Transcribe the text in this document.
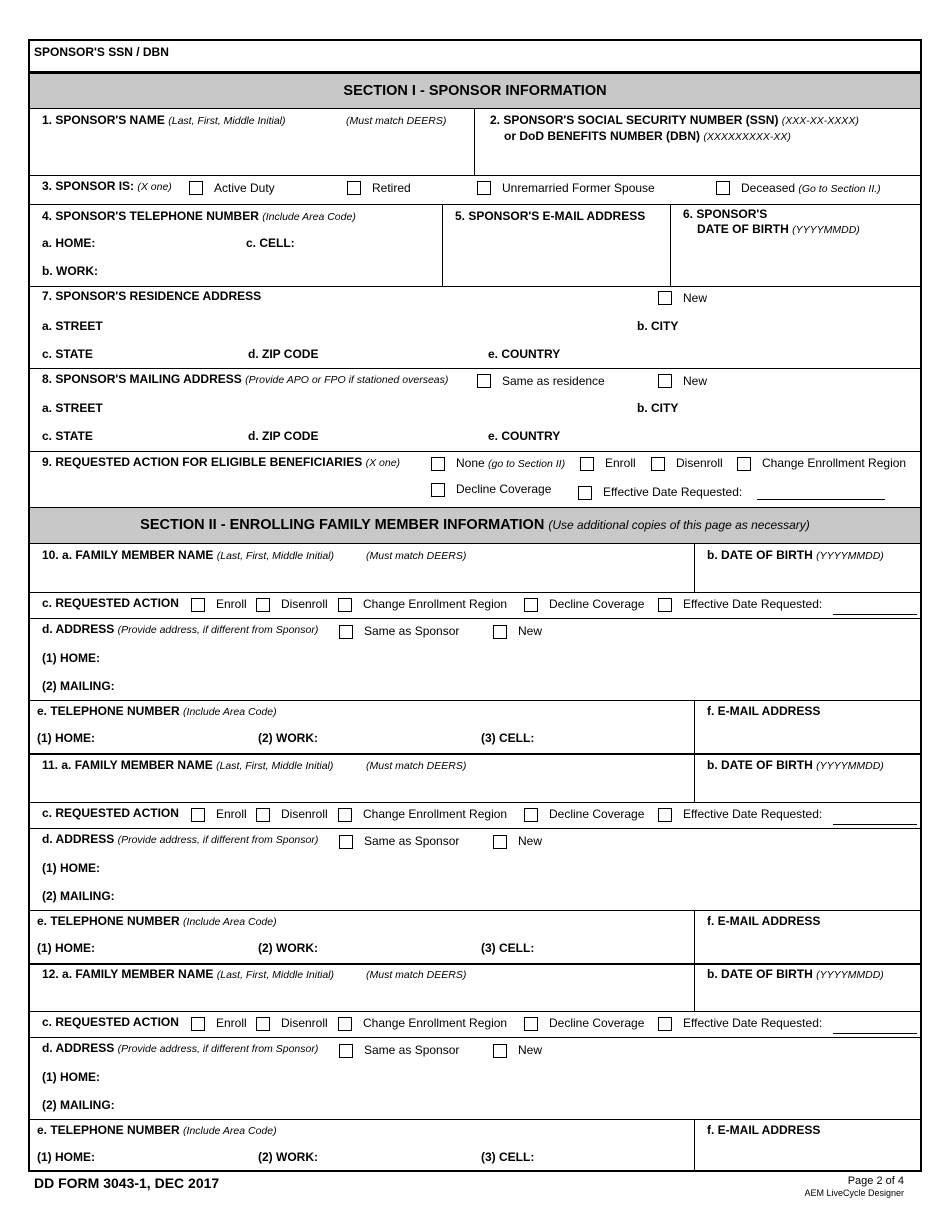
SPONSOR'S SSN / DBN
SECTION I - SPONSOR INFORMATION
1. SPONSOR'S NAME (Last, First, Middle Initial)	(Must match DEERS)	2. SPONSOR'S SOCIAL SECURITY NUMBER (SSN) (XXX-XX-XXXX)
or DoD BENEFITS NUMBER (DBN) (XXXXXXXXX-XX)
3. SPONSOR IS: (X one)	Active Duty	Retired	Unremarried Former Spouse	Deceased (Go to Section II.)
4. SPONSOR'S TELEPHONE NUMBER (Include Area Code)
a. HOME:	c. CELL:
b. WORK:
5. SPONSOR'S E-MAIL ADDRESS	6. SPONSOR'S
DATE OF BIRTH (YYYYMMDD)
7. SPONSOR'S RESIDENCE ADDRESS	New
a. STREET	b. CITY
c. STATE	d. ZIP CODE	e. COUNTRY
8. SPONSOR'S MAILING ADDRESS (Provide APO or FPO if stationed overseas)	Same as residence	New
a. STREET	b. CITY
c. STATE	d. ZIP CODE	e. COUNTRY
9. REQUESTED ACTION FOR ELIGIBLE BENEFICIARIES (X one)	None (go to Section II)	Enroll	Disenroll	Change Enrollment Region
Decline Coverage	Effective Date Requested:
SECTION II - ENROLLING FAMILY MEMBER INFORMATION (Use additional copies of this page as necessary)
10. a. FAMILY MEMBER NAME (Last, First, Middle Initial)	(Must match DEERS)	b. DATE OF BIRTH (YYYYMMDD)
c. REQUESTED ACTION	Enroll	Disenroll	Change Enrollment Region	Decline Coverage	Effective Date Requested:
d. ADDRESS (Provide address, if different from Sponsor)	Same as Sponsor	New
(1) HOME:
(2) MAILING:
e. TELEPHONE NUMBER (Include Area Code)	f. E-MAIL ADDRESS
(1) HOME:	(2) WORK:	(3) CELL:
11. a. FAMILY MEMBER NAME (Last, First, Middle Initial)	(Must match DEERS)	b. DATE OF BIRTH (YYYYMMDD)
c. REQUESTED ACTION	Enroll	Disenroll	Change Enrollment Region	Decline Coverage	Effective Date Requested:
d. ADDRESS (Provide address, if different from Sponsor)	Same as Sponsor	New
(1) HOME:
(2) MAILING:
e. TELEPHONE NUMBER (Include Area Code)	f. E-MAIL ADDRESS
(1) HOME:	(2) WORK:	(3) CELL:
12. a. FAMILY MEMBER NAME (Last, First, Middle Initial)	(Must match DEERS)	b. DATE OF BIRTH (YYYYMMDD)
c. REQUESTED ACTION	Enroll	Disenroll	Change Enrollment Region	Decline Coverage	Effective Date Requested:
d. ADDRESS (Provide address, if different from Sponsor)	Same as Sponsor	New
(1) HOME:
(2) MAILING:
e. TELEPHONE NUMBER (Include Area Code)	f. E-MAIL ADDRESS
(1) HOME:	(2) WORK:	(3) CELL:
DD FORM 3043-1, DEC 2017	Page 2 of 4
AEM LiveCycle Designer
